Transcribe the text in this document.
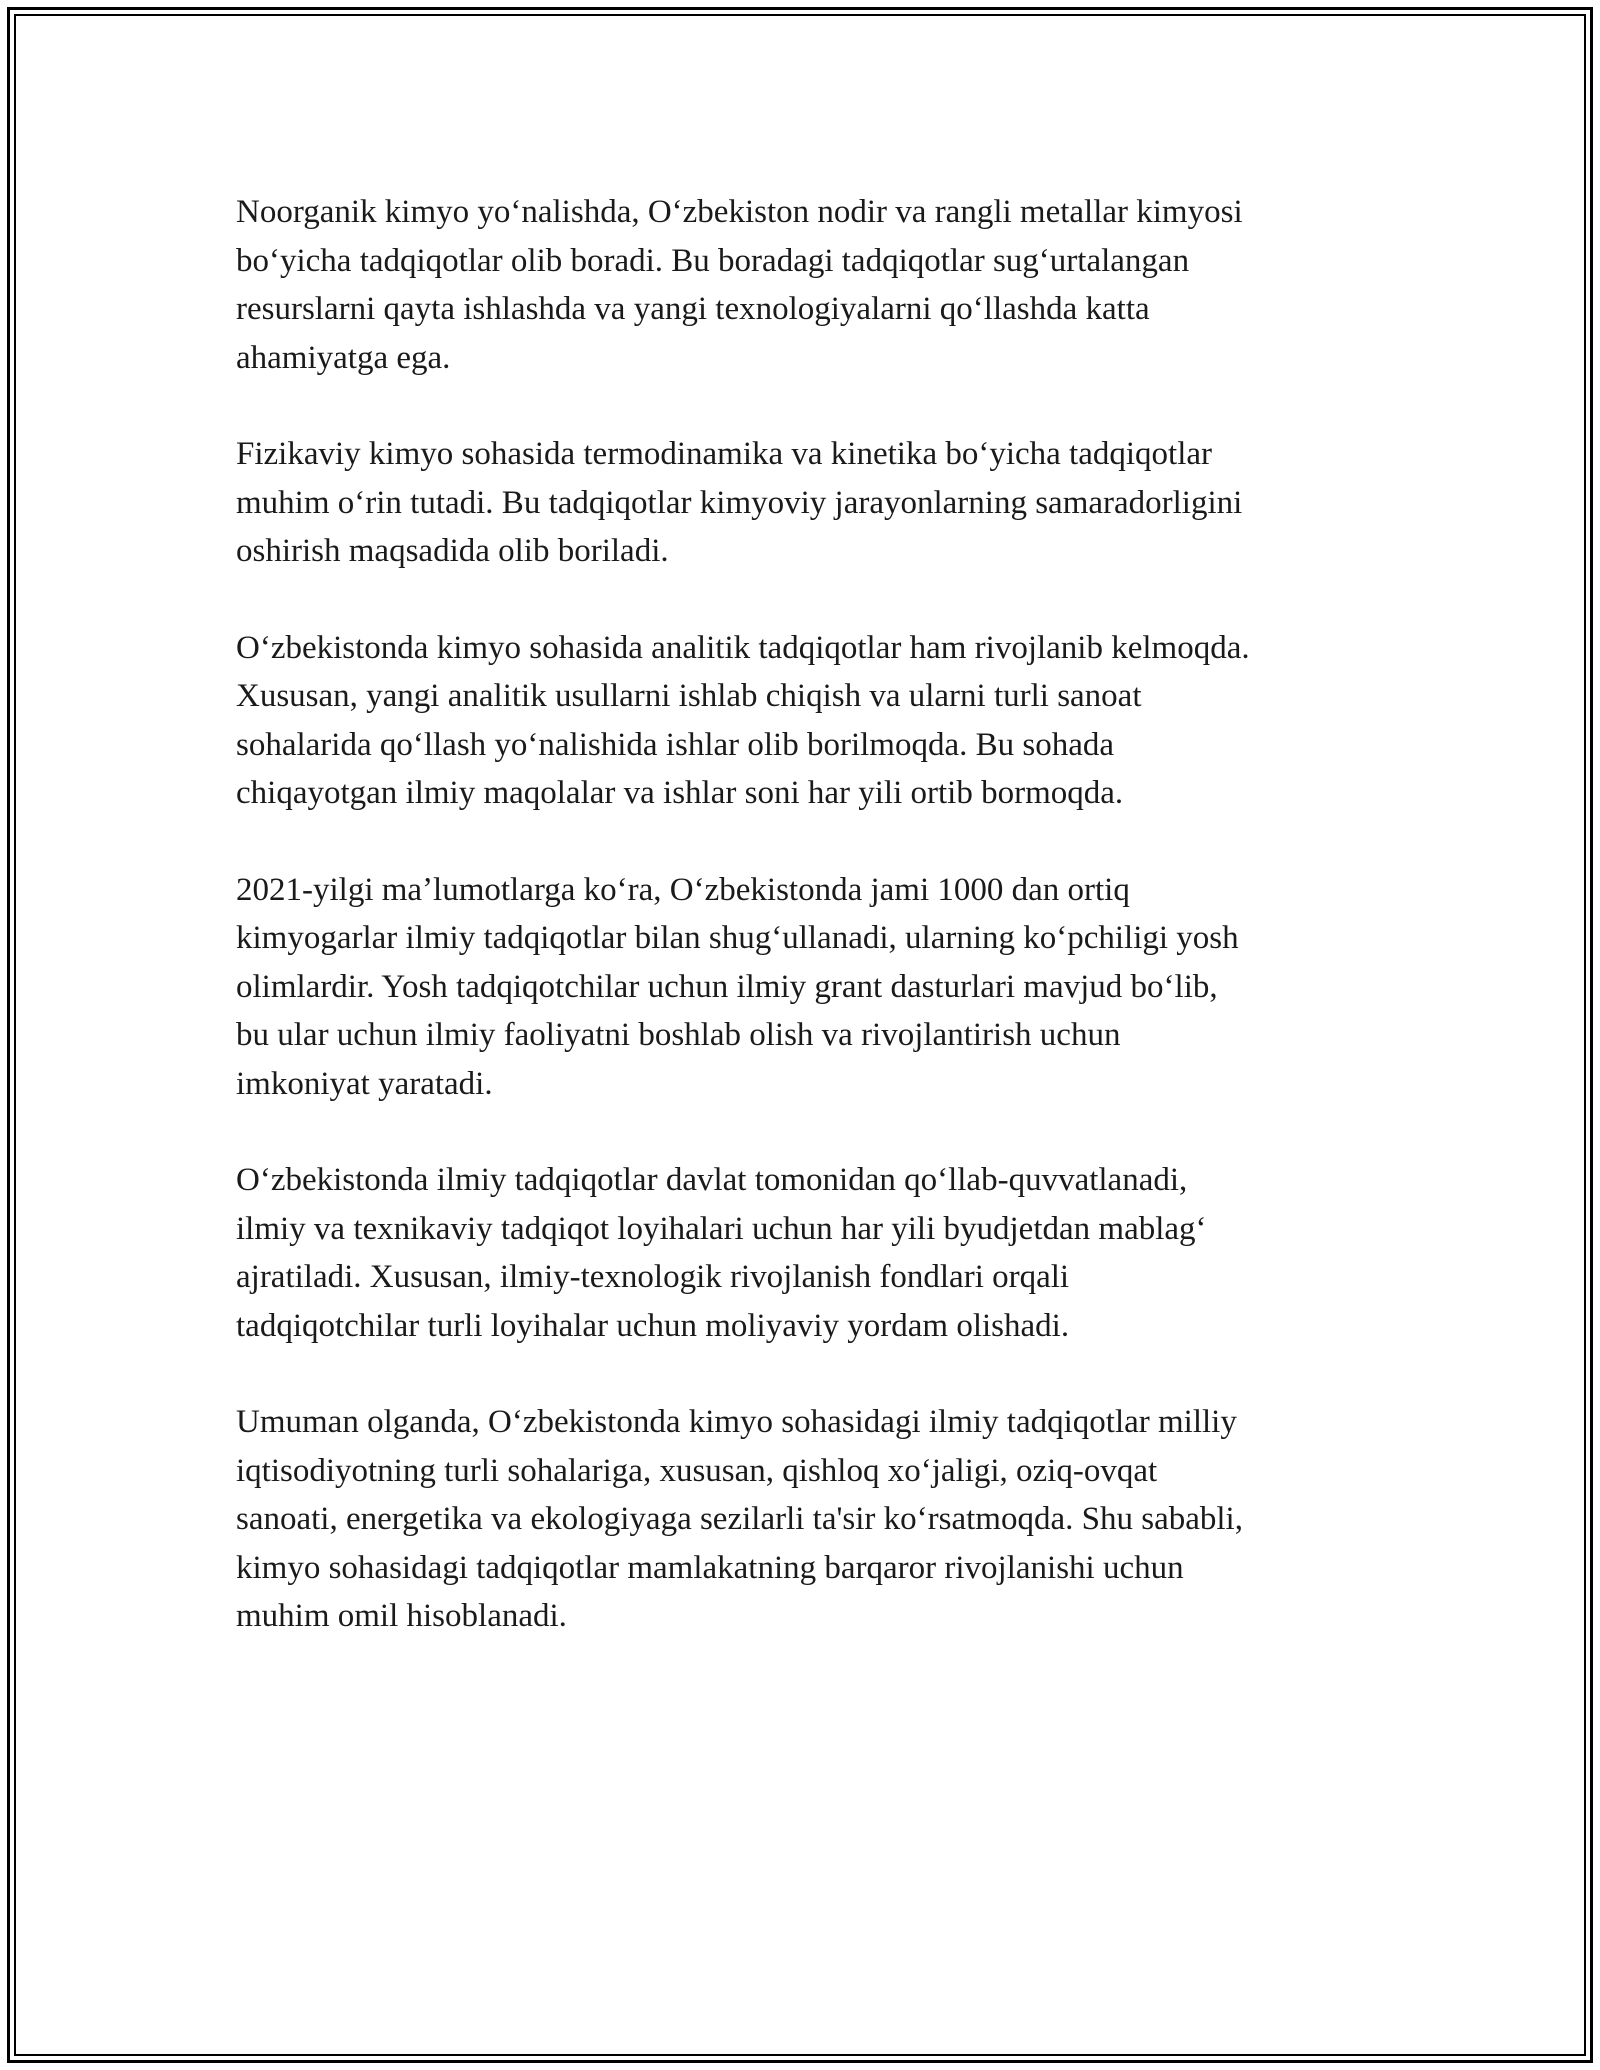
Noorganik kimyo yoʻnalishda, Oʻzbekiston nodir va rangli metallar kimyosi
boʻyicha tadqiqotlar olib boradi. Bu boradagi tadqiqotlar sugʻurtalangan
resurslarni qayta ishlashda va yangi texnologiyalarni qoʻllashda katta
ahamiyatga ega.

Fizikaviy kimyo sohasida termodinamika va kinetika boʻyicha tadqiqotlar
muhim oʻrin tutadi. Bu tadqiqotlar kimyoviy jarayonlarning samaradorligini
oshirish maqsadida olib boriladi.

Oʻzbekistonda kimyo sohasida analitik tadqiqotlar ham rivojlanib kelmoqda.
Xususan, yangi analitik usullarni ishlab chiqish va ularni turli sanoat
sohalarida qoʻllash yoʻnalishida ishlar olib borilmoqda. Bu sohada
chiqayotgan ilmiy maqolalar va ishlar soni har yili ortib bormoqda.

2021-yilgi maʼlumotlarga koʻra, Oʻzbekistonda jami 1000 dan ortiq
kimyogarlar ilmiy tadqiqotlar bilan shugʻullanadi, ularning koʻpchiligi yosh
olimlardir. Yosh tadqiqotchilar uchun ilmiy grant dasturlari mavjud boʻlib,
bu ular uchun ilmiy faoliyatni boshlab olish va rivojlantirish uchun
imkoniyat yaratadi.

Oʻzbekistonda ilmiy tadqiqotlar davlat tomonidan qoʻllab-quvvatlanadi,
ilmiy va texnikaviy tadqiqot loyihalari uchun har yili byudjetdan mablagʻ
ajratiladi. Xususan, ilmiy-texnologik rivojlanish fondlari orqali
tadqiqotchilar turli loyihalar uchun moliyaviy yordam olishadi.

Umuman olganda, Oʻzbekistonda kimyo sohasidagi ilmiy tadqiqotlar milliy
iqtisodiyotning turli sohalariga, xususan, qishloq xoʻjaligi, oziq-ovqat
sanoati, energetika va ekologiyaga sezilarli ta'sir koʻrsatmoqda. Shu sababli,
kimyo sohasidagi tadqiqotlar mamlakatning barqaror rivojlanishi uchun
muhim omil hisoblanadi.
